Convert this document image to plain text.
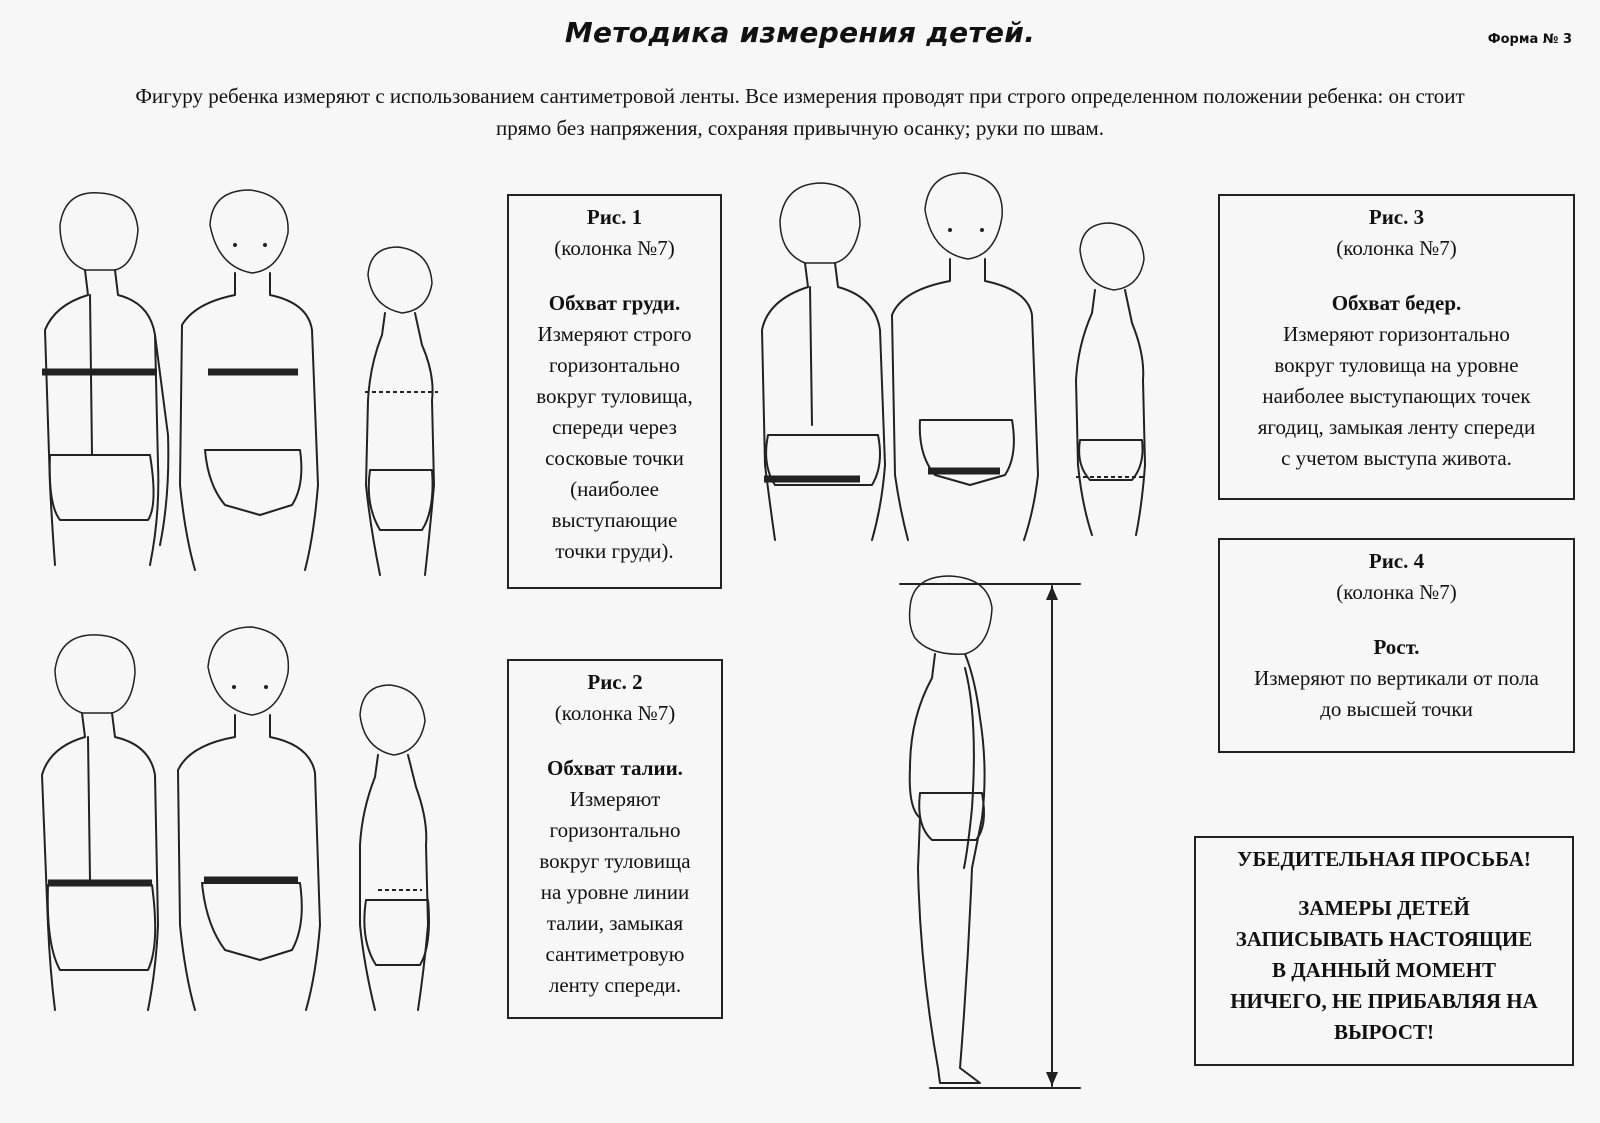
Методика измерения детей.	Форма № 3
Фигуру ребенка измеряют с использованием сантиметровой ленты. Все измерения проводят при строго определенном положении ребенка: он стоит
прямо без напряжения, сохраняя привычную осанку; руки по швам.
Рис. 1
(колонка №7)
Обхват груди.
Измеряют строго
горизонтально
вокруг туловища,
спереди через
сосковые точки
(наиболее
выступающие
точки груди).
Рис. 2
(колонка №7)
Обхват талии.
Измеряют
горизонтально
вокруг туловища
на уровне линии
талии, замыкая
сантиметровую
ленту спереди.
Рис. 3
(колонка №7)
Обхват бедер.
Измеряют горизонтально
вокруг туловища на уровне
наиболее выступающих точек
ягодиц, замыкая ленту спереди
с учетом выступа живота.
Рис. 4
(колонка №7)
Рост.
Измеряют по вертикали от пола
до высшей точки
УБЕДИТЕЛЬНАЯ ПРОСЬБА!
ЗАМЕРЫ ДЕТЕЙ
ЗАПИСЫВАТЬ НАСТОЯЩИЕ
В ДАННЫЙ МОМЕНТ
НИЧЕГО, НЕ ПРИБАВЛЯЯ НА
ВЫРОСТ!
